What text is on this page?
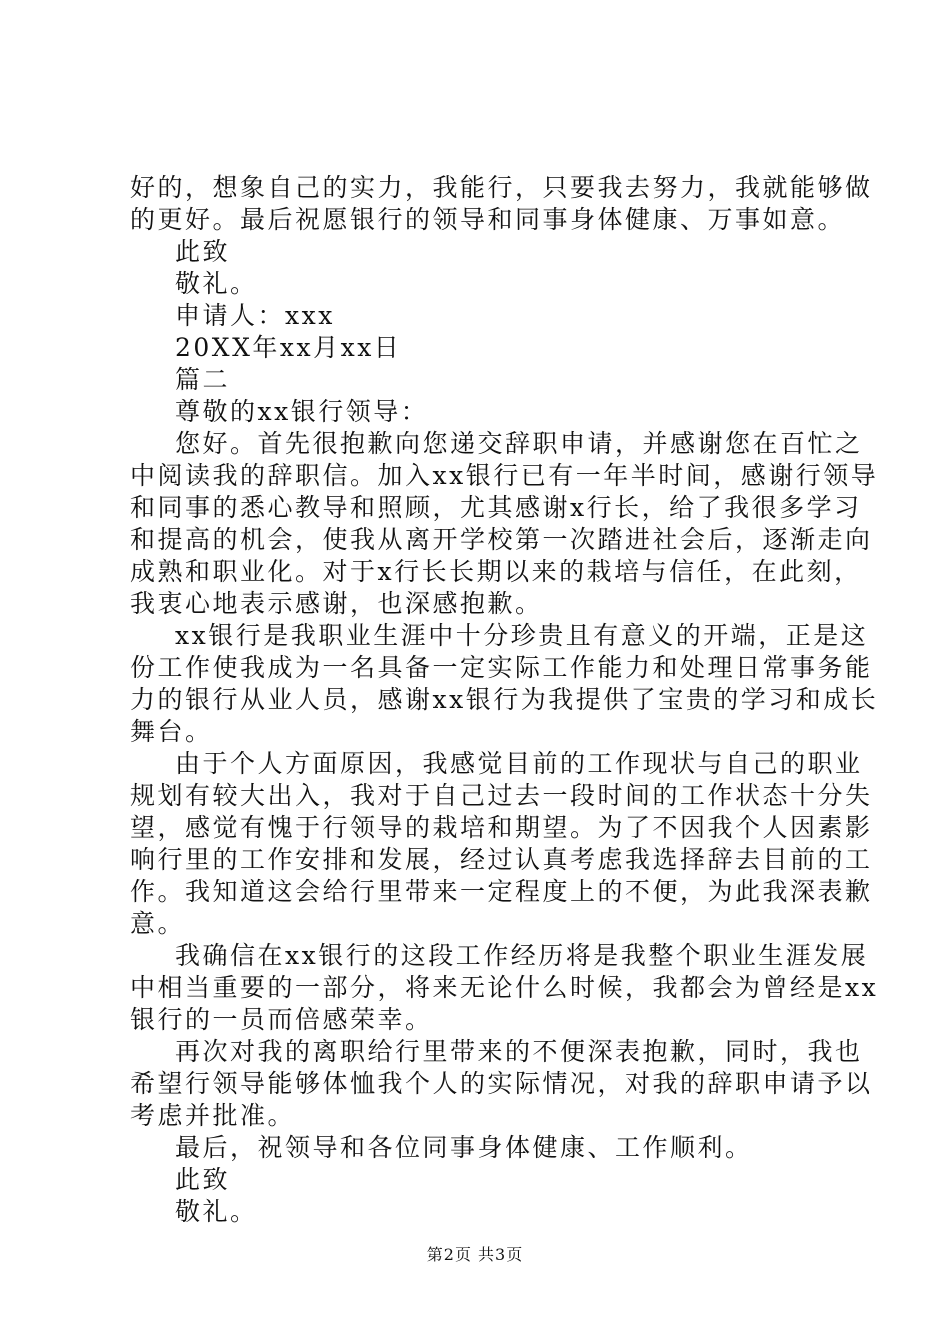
好的，想象自己的实力，我能行，只要我去努力，我就能够做
的更好。最后祝愿银行的领导和同事身体健康、万事如意。
此致
敬礼。
申请人：xxx
20XX年xx月xx日
篇二
尊敬的xx银行领导：
您好。首先很抱歉向您递交辞职申请，并感谢您在百忙之
中阅读我的辞职信。加入xx银行已有一年半时间，感谢行领导
和同事的悉心教导和照顾，尤其感谢x行长，给了我很多学习
和提高的机会，使我从离开学校第一次踏进社会后，逐渐走向
成熟和职业化。对于x行长长期以来的栽培与信任，在此刻，
我衷心地表示感谢，也深感抱歉。
xx银行是我职业生涯中十分珍贵且有意义的开端，正是这
份工作使我成为一名具备一定实际工作能力和处理日常事务能
力的银行从业人员，感谢xx银行为我提供了宝贵的学习和成长
舞台。
由于个人方面原因，我感觉目前的工作现状与自己的职业
规划有较大出入，我对于自己过去一段时间的工作状态十分失
望，感觉有愧于行领导的栽培和期望。为了不因我个人因素影
响行里的工作安排和发展，经过认真考虑我选择辞去目前的工
作。我知道这会给行里带来一定程度上的不便，为此我深表歉
意。
我确信在xx银行的这段工作经历将是我整个职业生涯发展
中相当重要的一部分，将来无论什么时候，我都会为曾经是xx
银行的一员而倍感荣幸。
再次对我的离职给行里带来的不便深表抱歉，同时，我也
希望行领导能够体恤我个人的实际情况，对我的辞职申请予以
考虑并批准。
最后，祝领导和各位同事身体健康、工作顺利。
此致
敬礼。
第2页 共3页
